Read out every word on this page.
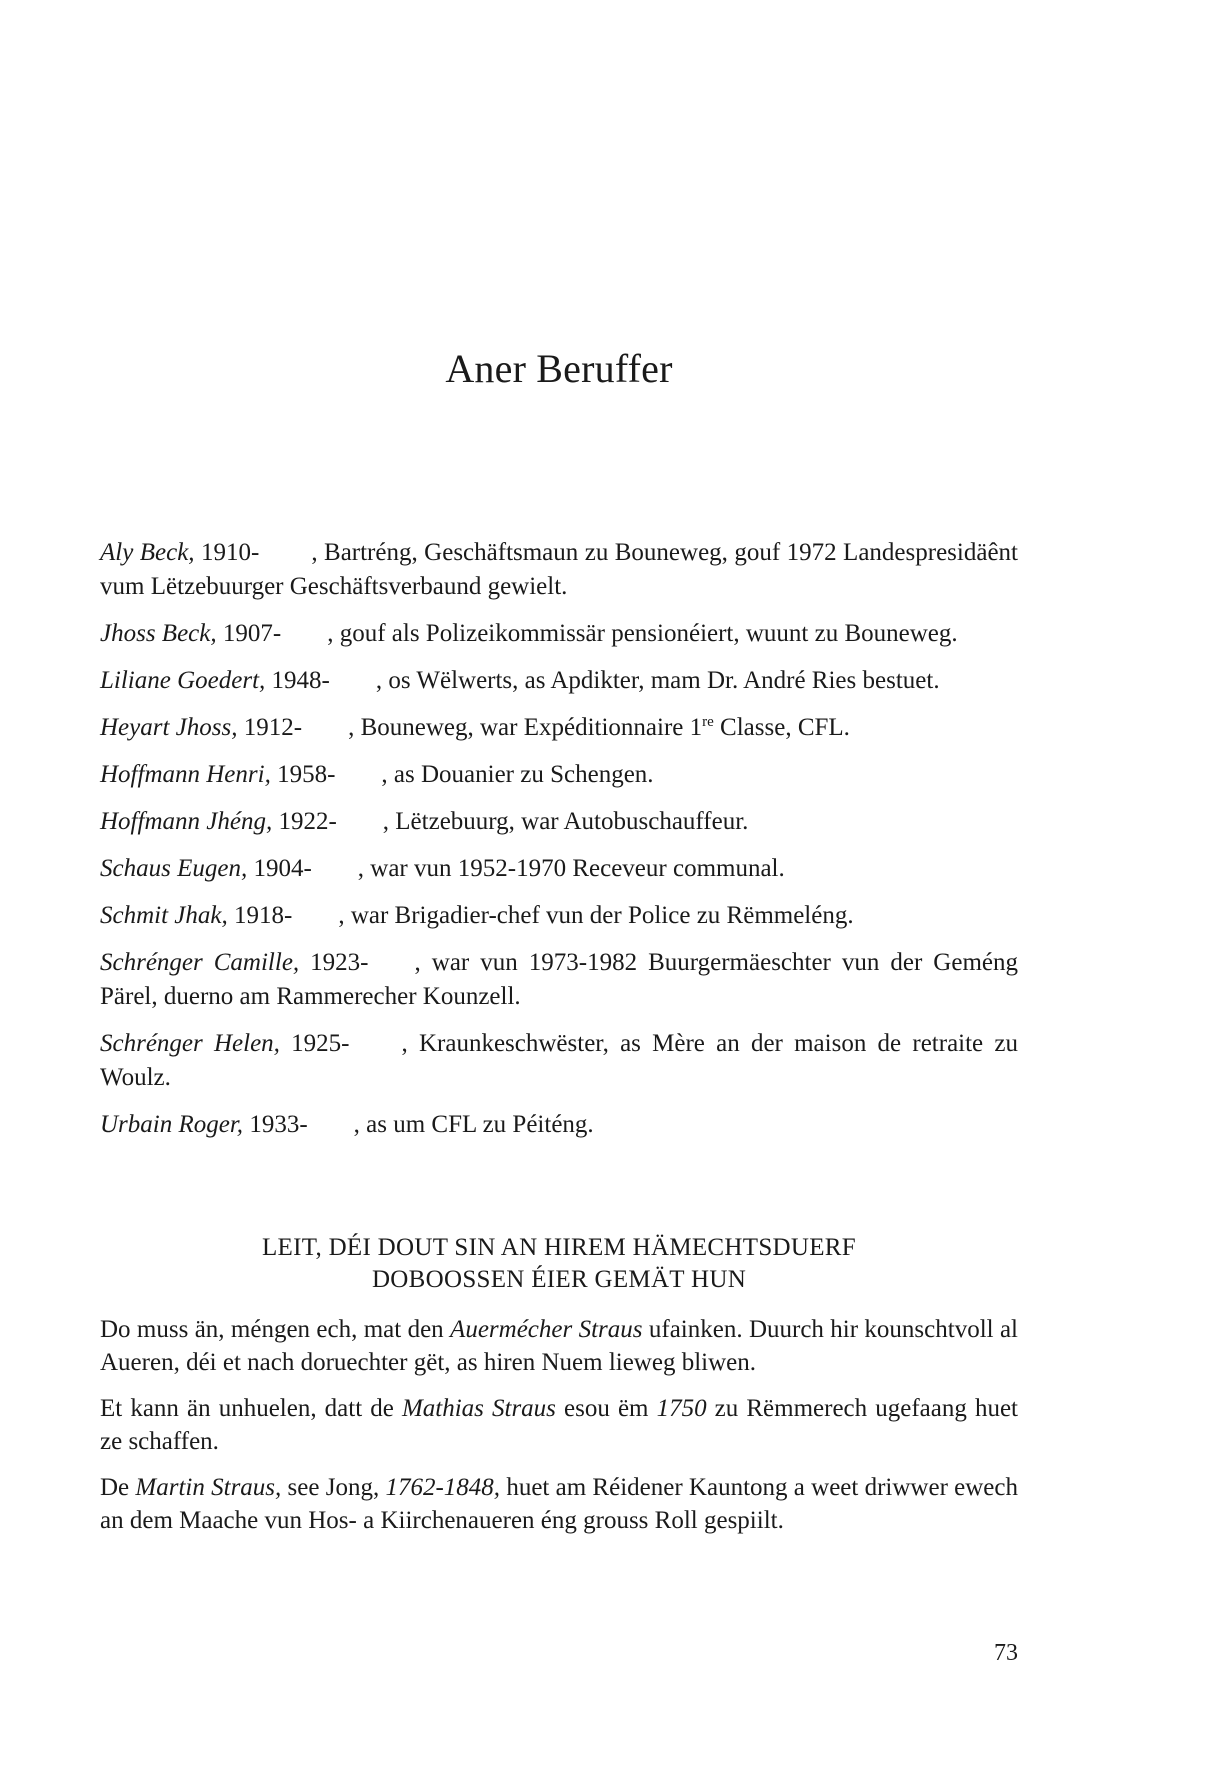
Aner Beruffer

Aly Beck, 1910- , Bartréng, Geschäftsmaun zu Bouneweg, gouf 1972 Landespresidäênt vum Lëtzebuurger Geschäftsverbaund gewielt.

Jhoss Beck, 1907- , gouf als Polizeikommissär pensionéiert, wuunt zu Bouneweg.

Liliane Goedert, 1948- , os Wëlwerts, as Apdikter, mam Dr. André Ries bestuet.

Heyart Jhoss, 1912- , Bouneweg, war Expéditionnaire 1re Classe, CFL.

Hoffmann Henri, 1958- , as Douanier zu Schengen.

Hoffmann Jhéng, 1922- , Lëtzebuurg, war Autobuschauffeur.

Schaus Eugen, 1904- , war vun 1952-1970 Receveur communal.

Schmit Jhak, 1918- , war Brigadier-chef vun der Police zu Rëmmeléng.

Schrénger Camille, 1923- , war vun 1973-1982 Buurgermäeschter vun der Geméng Pärel, duerno am Rammerecher Kounzell.

Schrénger Helen, 1925- , Kraunkeschwëster, as Mère an der maison de retraite zu Woulz.

Urbain Roger, 1933- , as um CFL zu Péiténg.

LEIT, DÉI DOUT SIN AN HIREM HÄMECHTSDUERF
DOBOOSSEN ÉIER GEMÄT HUN

Do muss än, méngen ech, mat den Auermécher Straus ufainken. Duurch hir kounschtvoll al Aueren, déi et nach doruechter gët, as hiren Nuem lieweg bliwen.

Et kann än unhuelen, datt de Mathias Straus esou ëm 1750 zu Rëmmerech ugefaang huet ze schaffen.

De Martin Straus, see Jong, 1762-1848, huet am Réidener Kauntong a weet driwwer ewech an dem Maache vun Hos- a Kiirchenaueren éng grouss Roll gespiilt.

73
